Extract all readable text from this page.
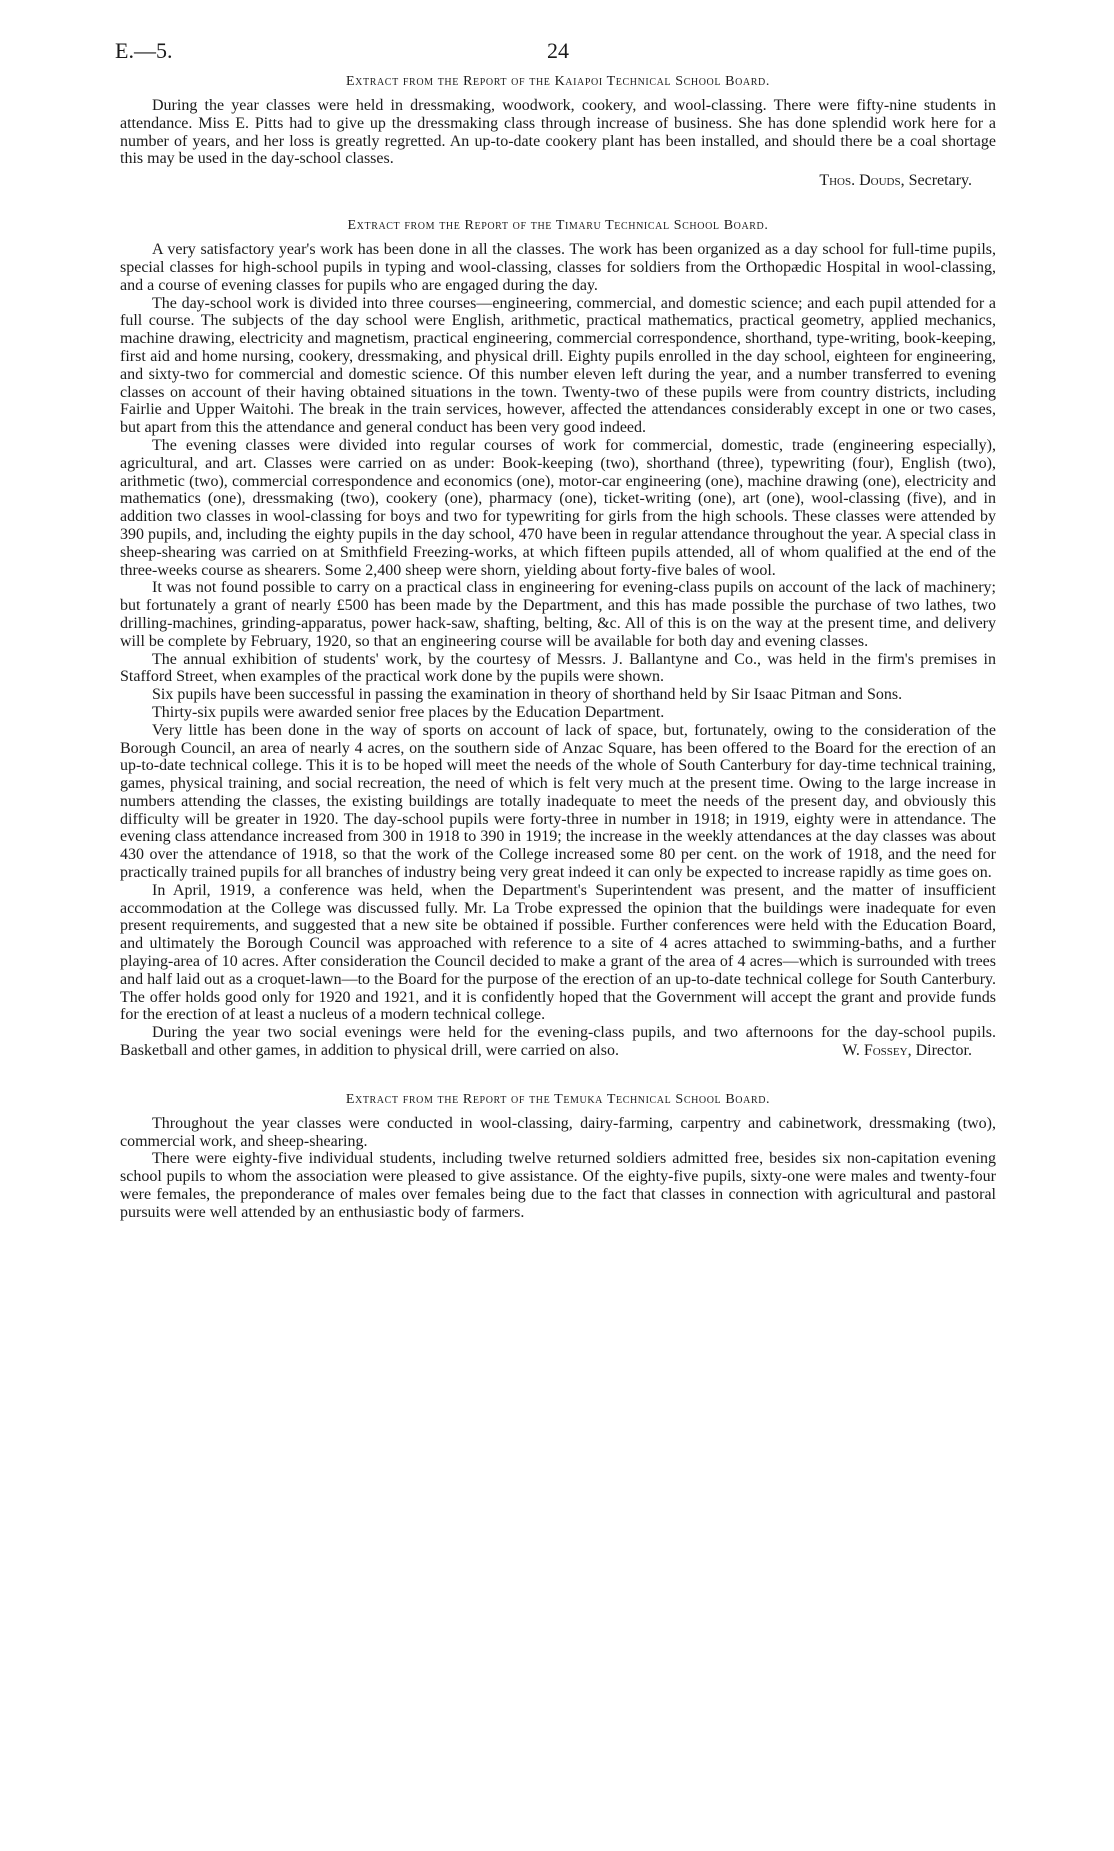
E.—5.	24
Extract from the Report of the Kaiapoi Technical School Board.

During the year classes were held in dressmaking, woodwork, cookery, and wool-classing. There were fifty-nine students in attendance. Miss E. Pitts had to give up the dressmaking class through increase of business. She has done splendid work here for a number of years, and her loss is greatly regretted. An up-to-date cookery plant has been installed, and should there be a coal shortage this may be used in the day-school classes.

Thos. Douds, Secretary.
Extract from the Report of the Timaru Technical School Board.

A very satisfactory year's work has been done in all the classes. The work has been organized as a day school for full-time pupils, special classes for high-school pupils in typing and wool-classing, classes for soldiers from the Orthopædic Hospital in wool-classing, and a course of evening classes for pupils who are engaged during the day.

The day-school work is divided into three courses—engineering, commercial, and domestic science; and each pupil attended for a full course. The subjects of the day school were English, arithmetic, practical mathematics, practical geometry, applied mechanics, machine drawing, electricity and magnetism, practical engineering, commercial correspondence, shorthand, type-writing, book-keeping, first aid and home nursing, cookery, dressmaking, and physical drill. Eighty pupils enrolled in the day school, eighteen for engineering, and sixty-two for commercial and domestic science. Of this number eleven left during the year, and a number transferred to evening classes on account of their having obtained situations in the town. Twenty-two of these pupils were from country districts, including Fairlie and Upper Waitohi. The break in the train services, however, affected the attendances considerably except in one or two cases, but apart from this the attendance and general conduct has been very good indeed.

The evening classes were divided into regular courses of work for commercial, domestic, trade (engineering especially), agricultural, and art. Classes were carried on as under: Book-keeping (two), shorthand (three), typewriting (four), English (two), arithmetic (two), commercial correspondence and economics (one), motor-car engineering (one), machine drawing (one), electricity and mathematics (one), dressmaking (two), cookery (one), pharmacy (one), ticket-writing (one), art (one), wool-classing (five), and in addition two classes in wool-classing for boys and two for typewriting for girls from the high schools. These classes were attended by 390 pupils, and, including the eighty pupils in the day school, 470 have been in regular attendance throughout the year. A special class in sheep-shearing was carried on at Smithfield Freezing-works, at which fifteen pupils attended, all of whom qualified at the end of the three-weeks course as shearers. Some 2,400 sheep were shorn, yielding about forty-five bales of wool.

It was not found possible to carry on a practical class in engineering for evening-class pupils on account of the lack of machinery; but fortunately a grant of nearly £500 has been made by the Department, and this has made possible the purchase of two lathes, two drilling-machines, grinding-apparatus, power hack-saw, shafting, belting, &c. All of this is on the way at the present time, and delivery will be complete by February, 1920, so that an engineering course will be available for both day and evening classes.

The annual exhibition of students' work, by the courtesy of Messrs. J. Ballantyne and Co., was held in the firm's premises in Stafford Street, when examples of the practical work done by the pupils were shown.

Six pupils have been successful in passing the examination in theory of shorthand held by Sir Isaac Pitman and Sons.

Thirty-six pupils were awarded senior free places by the Education Department.

Very little has been done in the way of sports on account of lack of space, but, fortunately, owing to the consideration of the Borough Council, an area of nearly 4 acres, on the southern side of Anzac Square, has been offered to the Board for the erection of an up-to-date technical college. This it is to be hoped will meet the needs of the whole of South Canterbury for day-time technical training, games, physical training, and social recreation, the need of which is felt very much at the present time. Owing to the large increase in numbers attending the classes, the existing buildings are totally inadequate to meet the needs of the present day, and obviously this difficulty will be greater in 1920. The day-school pupils were forty-three in number in 1918; in 1919, eighty were in attendance. The evening class attendance increased from 300 in 1918 to 390 in 1919; the increase in the weekly attendances at the day classes was about 430 over the attendance of 1918, so that the work of the College increased some 80 per cent. on the work of 1918, and the need for practically trained pupils for all branches of industry being very great indeed it can only be expected to increase rapidly as time goes on.

In April, 1919, a conference was held, when the Department's Superintendent was present, and the matter of insufficient accommodation at the College was discussed fully. Mr. La Trobe expressed the opinion that the buildings were inadequate for even present requirements, and suggested that a new site be obtained if possible. Further conferences were held with the Education Board, and ultimately the Borough Council was approached with reference to a site of 4 acres attached to swimming-baths, and a further playing-area of 10 acres. After consideration the Council decided to make a grant of the area of 4 acres—which is surrounded with trees and half laid out as a croquet-lawn—to the Board for the purpose of the erection of an up-to-date technical college for South Canterbury. The offer holds good only for 1920 and 1921, and it is confidently hoped that the Government will accept the grant and provide funds for the erection of at least a nucleus of a modern technical college.

During the year two social evenings were held for the evening-class pupils, and two afternoons for the day-school pupils. Basketball and other games, in addition to physical drill, were carried on also.	W. Fossey, Director.

Extract from the Report of the Temuka Technical School Board.

Throughout the year classes were conducted in wool-classing, dairy-farming, carpentry and cabinetwork, dressmaking (two), commercial work, and sheep-shearing.

There were eighty-five individual students, including twelve returned soldiers admitted free, besides six non-capitation evening school pupils to whom the association were pleased to give assistance. Of the eighty-five pupils, sixty-one were males and twenty-four were females, the preponderance of males over females being due to the fact that classes in connection with agricultural and pastoral pursuits were well attended by an enthusiastic body of farmers.
